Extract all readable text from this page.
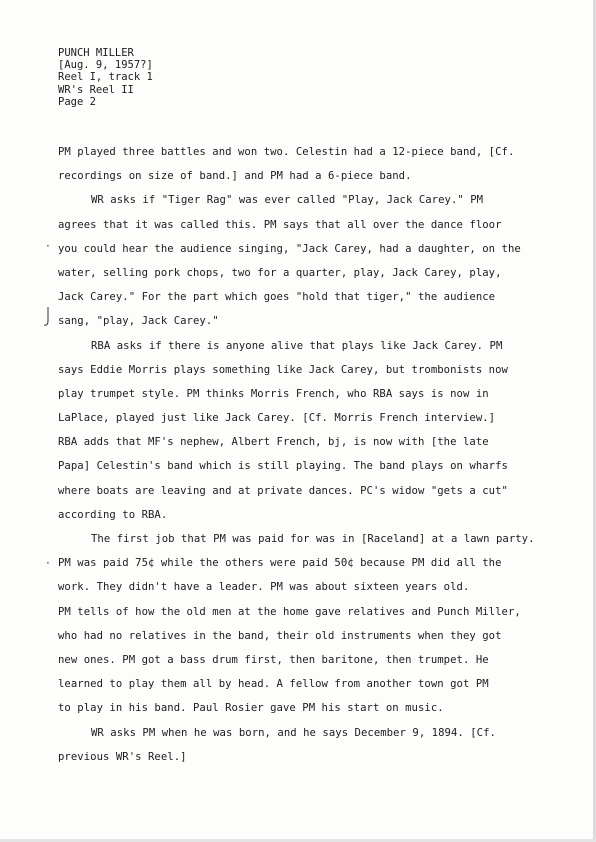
PUNCH MILLER
[Aug. 9, 1957?]
Reel I, track 1
WR's Reel II
Page 2
PM played three battles and won two. Celestin had a 12-piece band, [Cf.
recordings on size of band.] and PM had a 6-piece band.
WR asks if "Tiger Rag" was ever called "Play, Jack Carey." PM
agrees that it was called this. PM says that all over the dance floor
you could hear the audience singing, "Jack Carey, had a daughter, on the
water, selling pork chops, two for a quarter, play, Jack Carey, play,
Jack Carey." For the part which goes "hold that tiger," the audience
sang, "play, Jack Carey."
RBA asks if there is anyone alive that plays like Jack Carey. PM
says Eddie Morris plays something like Jack Carey, but trombonists now
play trumpet style. PM thinks Morris French, who RBA says is now in
LaPlace, played just like Jack Carey. [Cf. Morris French interview.]
RBA adds that MF's nephew, Albert French, bj, is now with [the late
Papa] Celestin's band which is still playing. The band plays on wharfs
where boats are leaving and at private dances. PC's widow "gets a cut"
according to RBA.
The first job that PM was paid for was in [Raceland] at a lawn party.
PM was paid 75¢ while the others were paid 50¢ because PM did all the
work. They didn't have a leader. PM was about sixteen years old.
PM tells of how the old men at the home gave relatives and Punch Miller,
who had no relatives in the band, their old instruments when they got
new ones. PM got a bass drum first, then baritone, then trumpet. He
learned to play them all by head. A fellow from another town got PM
to play in his band. Paul Rosier gave PM his start on music.
WR asks PM when he was born, and he says December 9, 1894. [Cf.
previous WR's Reel.]
·
·
